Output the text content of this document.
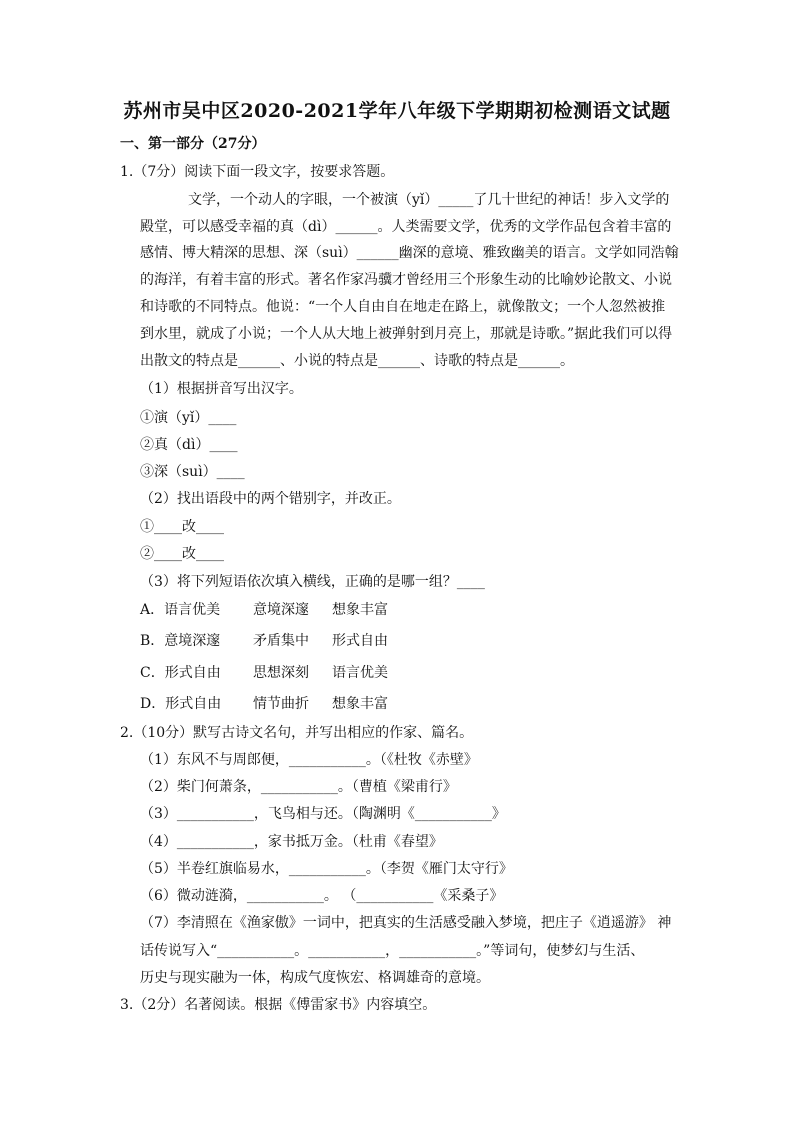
苏州市吴中区2020-2021学年八年级下学期期初检测语文试题
一、第一部分（27分）
1.（7分）阅读下面一段文字，按要求答题。
文学，一个动人的字眼，一个被演（yǐ）_____了几十世纪的神话！步入文学的
殿堂，可以感受幸福的真（dì）______。人类需要文学，优秀的文学作品包含着丰富的
感情、博大精深的思想、深（suì）______幽深的意境、雅致幽美的语言。文学如同浩翰
的海洋，有着丰富的形式。著名作家冯骥才曾经用三个形象生动的比喻妙论散文、小说
和诗歌的不同特点。他说：“一个人自由自在地走在路上，就像散文；一个人忽然被推
到水里，就成了小说；一个人从大地上被弹射到月亮上，那就是诗歌。”据此我们可以得
出散文的特点是______、小说的特点是______、诗歌的特点是______。
（1）根据拼音写出汉字。
①演（yǐ）____
②真（dì）____
③深（suì）____
（2）找出语段中的两个错别字，并改正。
①____改____
②____改____
（3）将下列短语依次填入横线，正确的是哪一组？____
A．语言优美 意境深邃 想象丰富
B．意境深邃 矛盾集中 形式自由
C．形式自由 思想深刻 语言优美
D．形式自由 情节曲折 想象丰富
2.（10分）默写古诗文名句，并写出相应的作家、篇名。
（1）东风不与周郎便，___________。（《杜牧《赤壁》
（2）柴门何萧条，___________。（曹植《梁甫行》
（3）___________，飞鸟相与还。（陶渊明《___________》
（4）___________，家书抵万金。（杜甫《春望》
（5）半卷红旗临易水，___________。（李贺《雁门太守行》
（6）微动涟漪，___________。 （___________《采桑子》
（7）李清照在《渔家傲》一词中，把真实的生活感受融入梦境，把庄子《逍遥游》 神
话传说写入“___________。___________，___________。”等词句，使梦幻与生活、
历史与现实融为一体，构成气度恢宏、格调雄奇的意境。
3.（2分）名著阅读。根据《傅雷家书》内容填空。
